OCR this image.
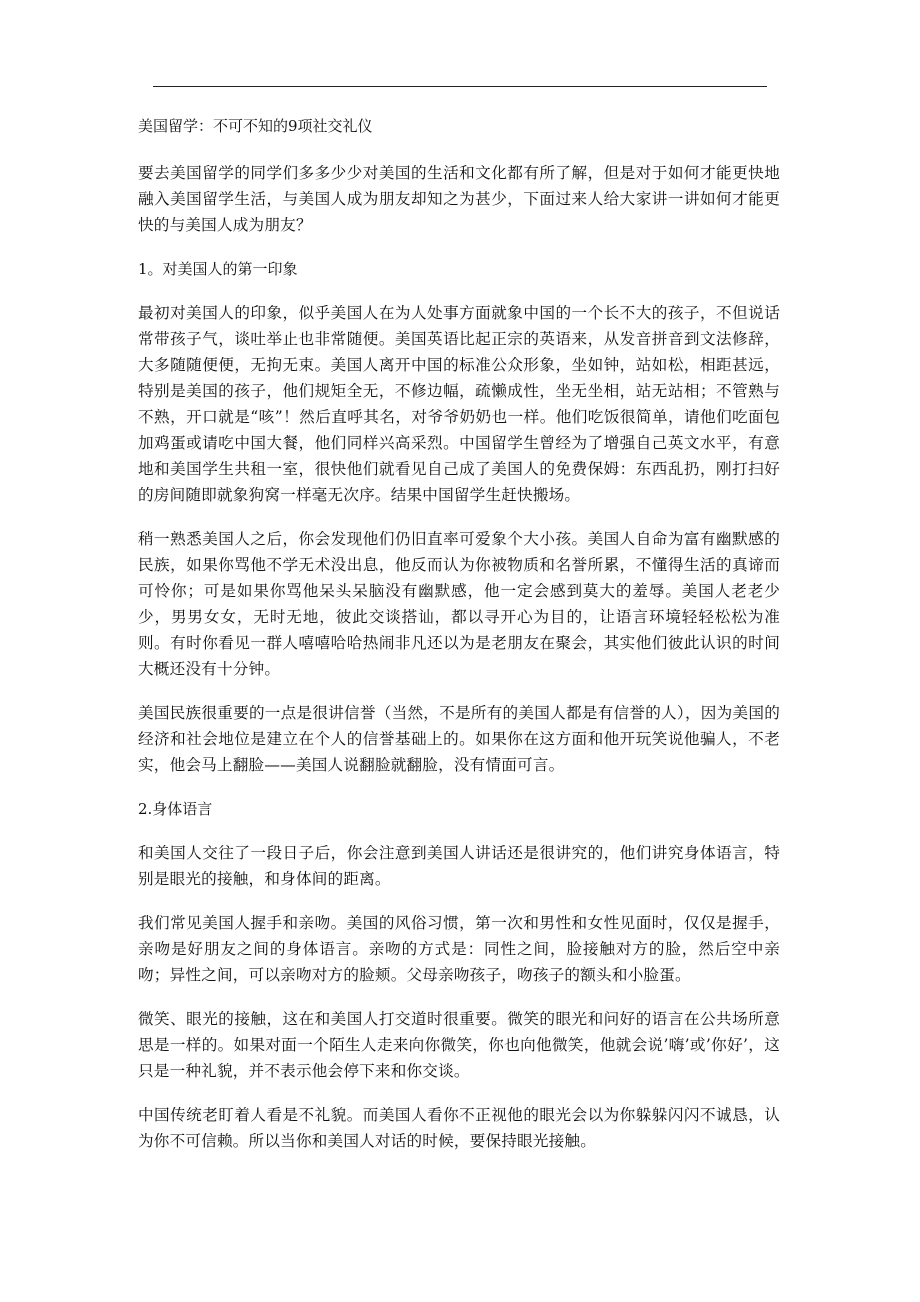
美国留学：不可不知的9项社交礼仪

要去美国留学的同学们多多少少对美国的生活和文化都有所了解，但是对于如何才能更快地融入美国留学生活，与美国人成为朋友却知之为甚少，下面过来人给大家讲一讲如何才能更快的与美国人成为朋友？

1。对美国人的第一印象

最初对美国人的印象，似乎美国人在为人处事方面就象中国的一个长不大的孩子，不但说话常带孩子气，谈吐举止也非常随便。美国英语比起正宗的英语来，从发音拼音到文法修辞，大多随随便便，无拘无束。美国人离开中国的标准公众形象，坐如钟，站如松，相距甚远，特别是美国的孩子，他们规矩全无，不修边幅，疏懒成性，坐无坐相，站无站相；不管熟与不熟，开口就是“咳”！然后直呼其名，对爷爷奶奶也一样。他们吃饭很简单，请他们吃面包加鸡蛋或请吃中国大餐，他们同样兴高采烈。中国留学生曾经为了增强自己英文水平，有意地和美国学生共租一室，很快他们就看见自己成了美国人的免费保姆：东西乱扔，刚打扫好的房间随即就象狗窝一样毫无次序。结果中国留学生赶快搬场。

稍一熟悉美国人之后，你会发现他们仍旧直率可爱象个大小孩。美国人自命为富有幽默感的民族，如果你骂他不学无术没出息，他反而认为你被物质和名誉所累，不懂得生活的真谛而可怜你；可是如果你骂他呆头呆脑没有幽默感，他一定会感到莫大的羞辱。美国人老老少少，男男女女，无时无地，彼此交谈搭讪，都以寻开心为目的，让语言环境轻轻松松为准则。有时你看见一群人嘻嘻哈哈热闹非凡还以为是老朋友在聚会，其实他们彼此认识的时间大概还没有十分钟。

美国民族很重要的一点是很讲信誉（当然，不是所有的美国人都是有信誉的人），因为美国的经济和社会地位是建立在个人的信誉基础上的。如果你在这方面和他开玩笑说他骗人，不老实，他会马上翻脸——美国人说翻脸就翻脸，没有情面可言。

2.身体语言

和美国人交往了一段日子后，你会注意到美国人讲话还是很讲究的，他们讲究身体语言，特别是眼光的接触，和身体间的距离。

我们常见美国人握手和亲吻。美国的风俗习惯，第一次和男性和女性见面时，仅仅是握手，亲吻是好朋友之间的身体语言。亲吻的方式是：同性之间，脸接触对方的脸，然后空中亲吻；异性之间，可以亲吻对方的脸颊。父母亲吻孩子，吻孩子的额头和小脸蛋。

微笑、眼光的接触，这在和美国人打交道时很重要。微笑的眼光和问好的语言在公共场所意思是一样的。如果对面一个陌生人走来向你微笑，你也向他微笑，他就会说’嗨’或’你好’，这只是一种礼貌，并不表示他会停下来和你交谈。

中国传统老盯着人看是不礼貌。而美国人看你不正视他的眼光会以为你躲躲闪闪不诚恳，认为你不可信赖。所以当你和美国人对话的时候，要保持眼光接触。
